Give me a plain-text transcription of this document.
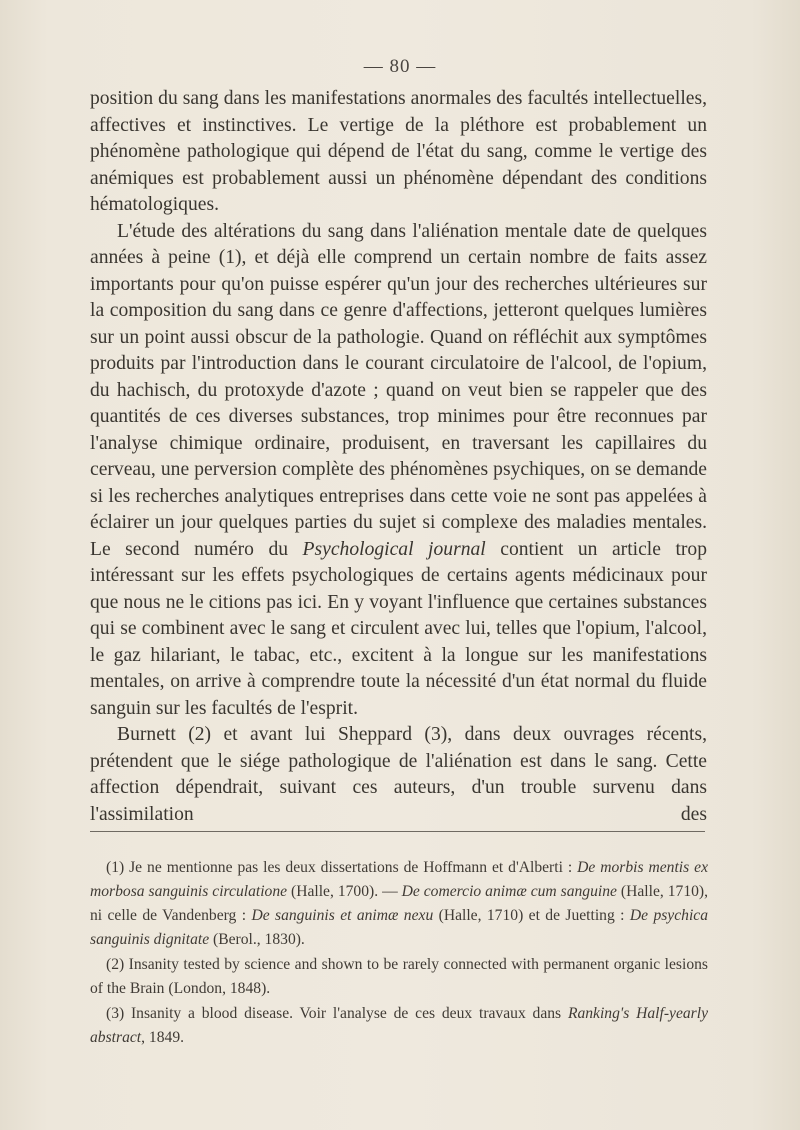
— 80 —

position du sang dans les manifestations anormales des facultés intellectuelles, affectives et instinctives. Le vertige de la pléthore est probablement un phénomène pathologique qui dépend de l'état du sang, comme le vertige des anémiques est probablement aussi un phénomène dépendant des conditions hématologiques.

L'étude des altérations du sang dans l'aliénation mentale date de quelques années à peine (1), et déjà elle comprend un certain nombre de faits assez importants pour qu'on puisse espérer qu'un jour des recherches ultérieures sur la composition du sang dans ce genre d'affections, jetteront quelques lumières sur un point aussi obscur de la pathologie. Quand on réfléchit aux symptômes produits par l'introduction dans le courant circulatoire de l'alcool, de l'opium, du hachisch, du protoxyde d'azote ; quand on veut bien se rappeler que des quantités de ces diverses substances, trop minimes pour être reconnues par l'analyse chimique ordinaire, produisent, en traversant les capillaires du cerveau, une perversion complète des phénomènes psychiques, on se demande si les recherches analytiques entreprises dans cette voie ne sont pas appelées à éclairer un jour quelques parties du sujet si complexe des maladies mentales. Le second numéro du Psychological journal contient un article trop intéressant sur les effets psychologiques de certains agents médicinaux pour que nous ne le citions pas ici. En y voyant l'influence que certaines substances qui se combinent avec le sang et circulent avec lui, telles que l'opium, l'alcool, le gaz hilariant, le tabac, etc., excitent à la longue sur les manifestations mentales, on arrive à comprendre toute la nécessité d'un état normal du fluide sanguin sur les facultés de l'esprit.

Burnett (2) et avant lui Sheppard (3), dans deux ouvrages récents, prétendent que le siége pathologique de l'aliénation est dans le sang. Cette affection dépendrait, suivant ces auteurs, d'un trouble survenu dans l'assimilation des

(1) Je ne mentionne pas les deux dissertations de Hoffmann et d'Alberti : De morbis mentis ex morbosa sanguinis circulatione (Halle, 1700). — De comercio animæ cum sanguine (Halle, 1710), ni celle de Vandenberg : De sanguinis et animæ nexu (Halle, 1710) et de Juetting : De psychica sanguinis dignitate (Berol., 1830).

(2) Insanity tested by science and shown to be rarely connected with permanent organic lesions of the Brain (London, 1848).

(3) Insanity a blood disease. Voir l'analyse de ces deux travaux dans Ranking's Half-yearly abstract, 1849.
